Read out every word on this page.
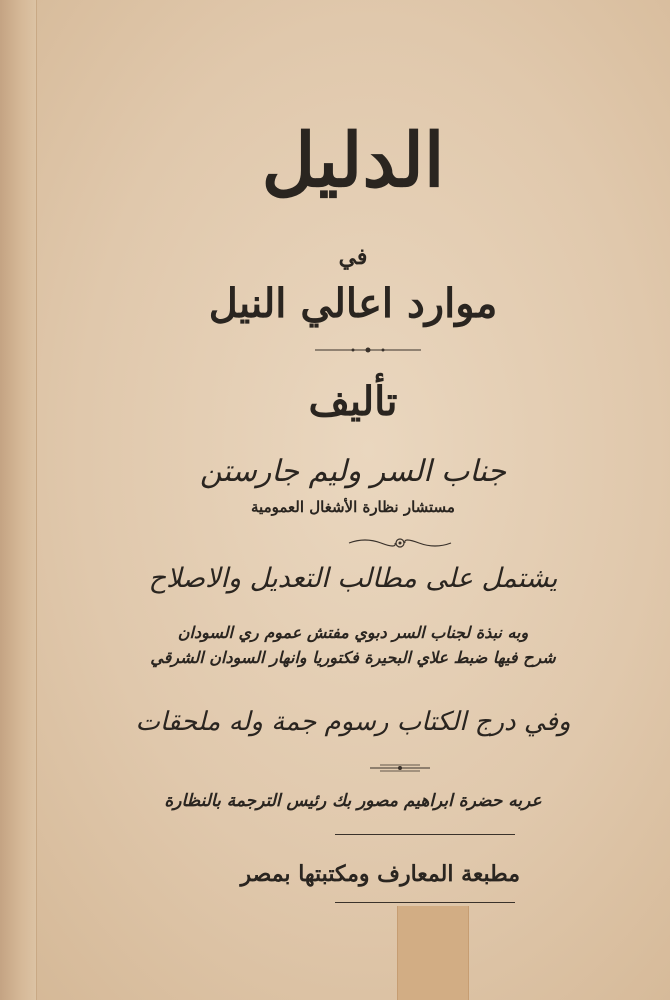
الدليل
في
موارد اعالي النيل
تأليف
جناب السر وليم جارستن
مستشار نظارة الأشغال العمومية
يشتمل على مطالب التعديل والاصلاح
وبه نبذة لجناب السر دبوي مفتش عموم ري السودان
شرح فيها ضبط علاي البحيرة فكتوريا وانهار السودان الشرقي
وفي درج الكتاب رسوم جمة وله ملحقات
عربه حضرة ابراهيم مصور بك رئيس الترجمة بالنظارة
مطبعة المعارف ومكتبتها بمصر
